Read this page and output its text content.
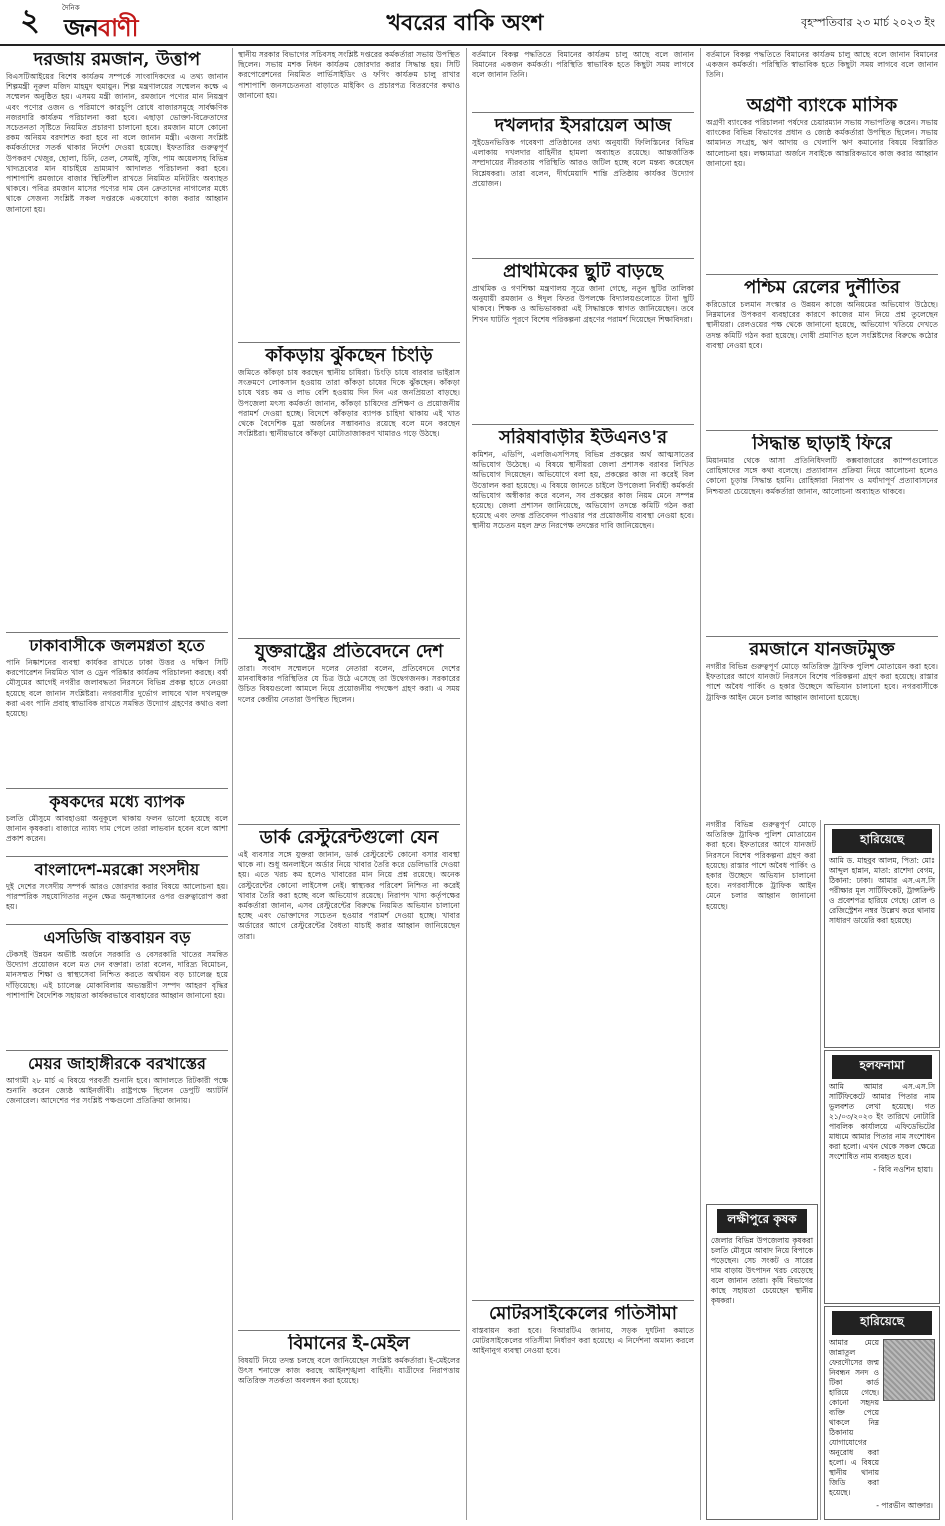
২	দৈনিক
জনবাণী	খবরের বাকি অংশ	বৃহস্পতিবার ২৩ মার্চ ২০২৩ ইং
দরজায় রমজান, উত্তাপ

বিএসটিআইয়ের বিশেষ কার্যক্রম সম্পর্কে সাংবাদিকদের এ তথ্য জানান শিল্পমন্ত্রী নূরুল মজিদ মাহমুদ হুমায়ুন। শিল্প মন্ত্রণালয়ের সম্মেলন কক্ষে এ সম্মেলন অনুষ্ঠিত হয়। এসময় মন্ত্রী জানান, রমজানে পণ্যের মান নিয়ন্ত্রণ এবং পণ্যের ওজন ও পরিমাপে কারচুপি রোধে বাজারসমূহে সার্বক্ষণিক নজরদারি কার্যক্রম পরিচালনা করা হবে। এছাড়া ভোক্তা-বিক্রেতাদের সচেতনতা সৃষ্টিতে নিয়মিত প্রচারণা চালানো হবে। রমজান মাসে কোনো রকম অনিয়ম বরদাশত করা হবে না বলে জানান মন্ত্রী। এজন্য সংশ্লিষ্ট কর্মকর্তাদের সতর্ক থাকার নির্দেশ দেওয়া হয়েছে। ইফতারির গুরুত্বপূর্ণ উপকরণ খেজুর, ছোলা, চিনি, তেল, সেমাই, সুজি, পাম অয়েলসহ বিভিন্ন খাদ্যদ্রব্যের মান যাচাইয়ে ভ্রাম্যমাণ আদালত পরিচালনা করা হবে। পাশাপাশি রমজানে বাজার স্থিতিশীল রাখতে নিয়মিত মনিটরিং অব্যাহত থাকবে। পবিত্র রমজান মাসের পণ্যের দাম যেন ক্রেতাদের নাগালের মধ্যে থাকে সেজন্য সংশ্লিষ্ট সকল দপ্তরকে একযোগে কাজ করার আহ্বান জানানো হয়।

ঢাকাবাসীকে জলমগ্নতা হতে

পানি নিষ্কাশনের ব্যবস্থা কার্যকর রাখতে ঢাকা উত্তর ও দক্ষিণ সিটি করপোরেশন নিয়মিত খাল ও ড্রেন পরিষ্কার কার্যক্রম পরিচালনা করছে। বর্ষা মৌসুমের আগেই নগরীর জলাবদ্ধতা নিরসনে বিভিন্ন প্রকল্প হাতে নেওয়া হয়েছে বলে জানান সংশ্লিষ্টরা। নগরবাসীর দুর্ভোগ লাঘবে খাল দখলমুক্ত করা এবং পানি প্রবাহ স্বাভাবিক রাখতে সমন্বিত উদ্যোগ গ্রহণের কথাও বলা হয়েছে।

কৃষকদের মধ্যে ব্যাপক

চলতি মৌসুমে আবহাওয়া অনুকূলে থাকায় ফলন ভালো হয়েছে বলে জানান কৃষকরা। বাজারে ন্যায্য দাম পেলে তারা লাভবান হবেন বলে আশা প্রকাশ করেন।

বাংলাদেশ-মরক্কো সংসদীয়

দুই দেশের সংসদীয় সম্পর্ক আরও জোরদার করার বিষয়ে আলোচনা হয়। পারস্পরিক সহযোগিতার নতুন ক্ষেত্র অনুসন্ধানের ওপর গুরুত্বারোপ করা হয়।

এসডিজি বাস্তবায়ন বড়

টেকসই উন্নয়ন অভীষ্ট অর্জনে সরকারি ও বেসরকারি খাতের সমন্বিত উদ্যোগ প্রয়োজন বলে মত দেন বক্তারা। তারা বলেন, দারিদ্র্য বিমোচন, মানসম্মত শিক্ষা ও স্বাস্থ্যসেবা নিশ্চিত করতে অর্থায়ন বড় চ্যালেঞ্জ হয়ে দাঁড়িয়েছে। এই চ্যালেঞ্জ মোকাবিলায় অভ্যন্তরীণ সম্পদ আহরণ বৃদ্ধির পাশাপাশি বৈদেশিক সহায়তা কার্যকরভাবে ব্যবহারের আহ্বান জানানো হয়।

মেয়র জাহাঙ্গীরকে বরখাস্তের

আগামী ২৮ মার্চ এ বিষয়ে পরবর্তী শুনানি হবে। আদালতে রিটকারী পক্ষে শুনানি করেন জ্যেষ্ঠ আইনজীবী। রাষ্ট্রপক্ষে ছিলেন ডেপুটি অ্যাটর্নি জেনারেল। আদেশের পর সংশ্লিষ্ট পক্ষগুলো প্রতিক্রিয়া জানায়।

স্থানীয় সরকার বিভাগের সচিবসহ সংশ্লিষ্ট দপ্তরের কর্মকর্তারা সভায় উপস্থিত ছিলেন। সভায় মশক নিধন কার্যক্রম জোরদার করার সিদ্ধান্ত হয়। সিটি করপোরেশনের নিয়মিত লার্ভিসাইডিং ও ফগিং কার্যক্রম চালু রাখার পাশাপাশি জনসচেতনতা বাড়াতে মাইকিং ও প্রচারপত্র বিতরণের কথাও জানানো হয়।

কাঁকড়ায় ঝুঁকছেন চিংড়ি

জমিতে কাঁকড়া চাষ করছেন স্থানীয় চাষিরা। চিংড়ি চাষে বারবার ভাইরাস সংক্রমণে লোকসান হওয়ায় তারা কাঁকড়া চাষের দিকে ঝুঁকছেন। কাঁকড়া চাষে খরচ কম ও লাভ বেশি হওয়ায় দিন দিন এর জনপ্রিয়তা বাড়ছে। উপজেলা মৎস্য কর্মকর্তা জানান, কাঁকড়া চাষিদের প্রশিক্ষণ ও প্রয়োজনীয় পরামর্শ দেওয়া হচ্ছে। বিদেশে কাঁকড়ার ব্যাপক চাহিদা থাকায় এই খাত থেকে বৈদেশিক মুদ্রা অর্জনের সম্ভাবনাও রয়েছে বলে মনে করছেন সংশ্লিষ্টরা। স্থানীয়ভাবে কাঁকড়া মোটাতাজাকরণ খামারও গড়ে উঠছে।

যুক্তরাষ্ট্রের প্রতিবেদনে দেশ

তারা। সংবাদ সম্মেলনে দলের নেতারা বলেন, প্রতিবেদনে দেশের মানবাধিকার পরিস্থিতির যে চিত্র উঠে এসেছে তা উদ্বেগজনক। সরকারের উচিত বিষয়গুলো আমলে নিয়ে প্রয়োজনীয় পদক্ষেপ গ্রহণ করা। এ সময় দলের কেন্দ্রীয় নেতারা উপস্থিত ছিলেন।

ডার্ক রেস্টুরেন্টগুলো যেন

এই ব্যবসার সঙ্গে যুক্তরা জানান, ডার্ক রেস্টুরেন্টে কোনো বসার ব্যবস্থা থাকে না। শুধু অনলাইনে অর্ডার নিয়ে খাবার তৈরি করে ডেলিভারি দেওয়া হয়। এতে খরচ কম হলেও খাবারের মান নিয়ে প্রশ্ন রয়েছে। অনেক রেস্টুরেন্টের কোনো লাইসেন্স নেই। স্বাস্থ্যকর পরিবেশ নিশ্চিত না করেই খাবার তৈরি করা হচ্ছে বলে অভিযোগ রয়েছে। নিরাপদ খাদ্য কর্তৃপক্ষের কর্মকর্তারা জানান, এসব রেস্টুরেন্টের বিরুদ্ধে নিয়মিত অভিযান চালানো হচ্ছে এবং ভোক্তাদের সচেতন হওয়ার পরামর্শ দেওয়া হচ্ছে। খাবার অর্ডারের আগে রেস্টুরেন্টের বৈধতা যাচাই করার আহ্বান জানিয়েছেন তারা।

বিমানের ই-মেইল

বিষয়টি নিয়ে তদন্ত চলছে বলে জানিয়েছেন সংশ্লিষ্ট কর্মকর্তারা। ই-মেইলের উৎস শনাক্তে কাজ করছে আইনশৃঙ্খলা বাহিনী। যাত্রীদের নিরাপত্তায় অতিরিক্ত সতর্কতা অবলম্বন করা হয়েছে।

বর্তমানে বিকল্প পদ্ধতিতে বিমানের কার্যক্রম চালু আছে বলে জানান বিমানের একজন কর্মকর্তা। পরিস্থিতি স্বাভাবিক হতে কিছুটা সময় লাগবে বলে জানান তিনি।

দখলদার ইসরায়েল আজ

সুইডেনভিত্তিক গবেষণা প্রতিষ্ঠানের তথ্য অনুযায়ী ফিলিস্তিনের বিভিন্ন এলাকায় দখলদার বাহিনীর হামলা অব্যাহত রয়েছে। আন্তর্জাতিক সম্প্রদায়ের নীরবতায় পরিস্থিতি আরও জটিল হচ্ছে বলে মন্তব্য করেছেন বিশ্লেষকরা। তারা বলেন, দীর্ঘমেয়াদি শান্তি প্রতিষ্ঠায় কার্যকর উদ্যোগ প্রয়োজন।

প্রাথমিকের ছুটি বাড়ছে

প্রাথমিক ও গণশিক্ষা মন্ত্রণালয় সূত্রে জানা গেছে, নতুন ছুটির তালিকা অনুযায়ী রমজান ও ঈদুল ফিতর উপলক্ষে বিদ্যালয়গুলোতে টানা ছুটি থাকবে। শিক্ষক ও অভিভাবকরা এই সিদ্ধান্তকে স্বাগত জানিয়েছেন। তবে শিখন ঘাটতি পূরণে বিশেষ পরিকল্পনা গ্রহণের পরামর্শ দিয়েছেন শিক্ষাবিদরা।

সরিষাবাড়ীর ইউএনও'র

কমিশন, এডিপি, এলজিএসপিসহ বিভিন্ন প্রকল্পের অর্থ আত্মসাতের অভিযোগ উঠেছে। এ বিষয়ে স্থানীয়রা জেলা প্রশাসক বরাবর লিখিত অভিযোগ দিয়েছেন। অভিযোগে বলা হয়, প্রকল্পের কাজ না করেই বিল উত্তোলন করা হয়েছে। এ বিষয়ে জানতে চাইলে উপজেলা নির্বাহী কর্মকর্তা অভিযোগ অস্বীকার করে বলেন, সব প্রকল্পের কাজ নিয়ম মেনে সম্পন্ন হয়েছে। জেলা প্রশাসন জানিয়েছে, অভিযোগ তদন্তে কমিটি গঠন করা হয়েছে এবং তদন্ত প্রতিবেদন পাওয়ার পর প্রয়োজনীয় ব্যবস্থা নেওয়া হবে। স্থানীয় সচেতন মহল দ্রুত নিরপেক্ষ তদন্তের দাবি জানিয়েছেন।

মোটরসাইকেলের গতিসীমা

বাস্তবায়ন করা হবে। বিআরটিএ জানায়, সড়ক দুর্ঘটনা কমাতে মোটরসাইকেলের গতিসীমা নির্ধারণ করা হয়েছে। এ নির্দেশনা অমান্য করলে আইনানুগ ব্যবস্থা নেওয়া হবে।

বর্তমানে বিকল্প পদ্ধতিতে বিমানের কার্যক্রম চালু আছে বলে জানান বিমানের একজন কর্মকর্তা। পরিস্থিতি স্বাভাবিক হতে কিছুটা সময় লাগবে বলে জানান তিনি।

অগ্রণী ব্যাংকে মাসিক

অগ্রণী ব্যাংকের পরিচালনা পর্ষদের চেয়ারম্যান সভায় সভাপতিত্ব করেন। সভায় ব্যাংকের বিভিন্ন বিভাগের প্রধান ও জ্যেষ্ঠ কর্মকর্তারা উপস্থিত ছিলেন। সভায় আমানত সংগ্রহ, ঋণ আদায় ও খেলাপি ঋণ কমানোর বিষয়ে বিস্তারিত আলোচনা হয়। লক্ষ্যমাত্রা অর্জনে সবাইকে আন্তরিকভাবে কাজ করার আহ্বান জানানো হয়।

পশ্চিম রেলের দুর্নীতির

করিডোরে চলমান সংস্কার ও উন্নয়ন কাজে অনিয়মের অভিযোগ উঠেছে। নিম্নমানের উপকরণ ব্যবহারের কারণে কাজের মান নিয়ে প্রশ্ন তুলেছেন স্থানীয়রা। রেলওয়ের পক্ষ থেকে জানানো হয়েছে, অভিযোগ খতিয়ে দেখতে তদন্ত কমিটি গঠন করা হয়েছে। দোষী প্রমাণিত হলে সংশ্লিষ্টদের বিরুদ্ধে কঠোর ব্যবস্থা নেওয়া হবে।

সিদ্ধান্ত ছাড়াই ফিরে

মিয়ানমার থেকে আসা প্রতিনিধিদলটি কক্সবাজারের ক্যাম্পগুলোতে রোহিঙ্গাদের সঙ্গে কথা বলেছে। প্রত্যাবাসন প্রক্রিয়া নিয়ে আলোচনা হলেও কোনো চূড়ান্ত সিদ্ধান্ত হয়নি। রোহিঙ্গারা নিরাপদ ও মর্যাদাপূর্ণ প্রত্যাবাসনের নিশ্চয়তা চেয়েছেন। কর্মকর্তারা জানান, আলোচনা অব্যাহত থাকবে।

রমজানে যানজটমুক্ত

নগরীর বিভিন্ন গুরুত্বপূর্ণ মোড়ে অতিরিক্ত ট্রাফিক পুলিশ মোতায়েন করা হবে। ইফতারের আগে যানজট নিরসনে বিশেষ পরিকল্পনা গ্রহণ করা হয়েছে। রাস্তার পাশে অবৈধ পার্কিং ও হকার উচ্ছেদে অভিযান চালানো হবে। নগরবাসীকে ট্রাফিক আইন মেনে চলার আহ্বান জানানো হয়েছে।

নগরীর বিভিন্ন গুরুত্বপূর্ণ মোড়ে অতিরিক্ত ট্রাফিক পুলিশ মোতায়েন করা হবে। ইফতারের আগে যানজট নিরসনে বিশেষ পরিকল্পনা গ্রহণ করা হয়েছে। রাস্তার পাশে অবৈধ পার্কিং ও হকার উচ্ছেদে অভিযান চালানো হবে। নগরবাসীকে ট্রাফিক আইন মেনে চলার আহ্বান জানানো হয়েছে।

লক্ষীপুরে কৃষক

জেলার বিভিন্ন উপজেলায় কৃষকরা চলতি মৌসুমে আবাদ নিয়ে বিপাকে পড়েছেন। সেচ সংকট ও সারের দাম বাড়ায় উৎপাদন খরচ বেড়েছে বলে জানান তারা। কৃষি বিভাগের কাছে সহায়তা চেয়েছেন স্থানীয় কৃষকরা।

হারিয়েছে

আমি ড. মাহবুব আলম, পিতা: মোঃ আব্দুল হান্নান, মাতা: রাশেদা বেগম, ঠিকানা: ঢাকা। আমার এস.এস.সি পরীক্ষার মূল সার্টিফিকেট, ট্রান্সক্রিপ্ট ও প্রবেশপত্র হারিয়ে গেছে। রোল ও রেজিস্ট্রেশন নম্বর উল্লেখ করে থানায় সাধারণ ডায়েরি করা হয়েছে।

হলফনামা

আমি আমার এস.এস.সি সার্টিফিকেটে আমার পিতার নাম ভুলবশত লেখা হয়েছে। গত ২১/০৩/২০২৩ ইং তারিখে নোটারি পাবলিক কার্যালয়ে এফিডেভিটের মাধ্যমে আমার পিতার নাম সংশোধন করা হলো। এখন থেকে সকল ক্ষেত্রে সংশোধিত নাম ব্যবহৃত হবে।

- বিবি নওশিন হায়া।
হারিয়েছে

আমার মেয়ে জান্নাতুল ফেরদৌসের জন্ম নিবন্ধন সনদ ও টিকা কার্ড হারিয়ে গেছে। কোনো সহৃদয় ব্যক্তি পেয়ে থাকলে নিম্ন ঠিকানায় যোগাযোগের অনুরোধ করা হলো। এ বিষয়ে স্থানীয় থানায় জিডি করা হয়েছে।

- পারভীন আক্তার।
